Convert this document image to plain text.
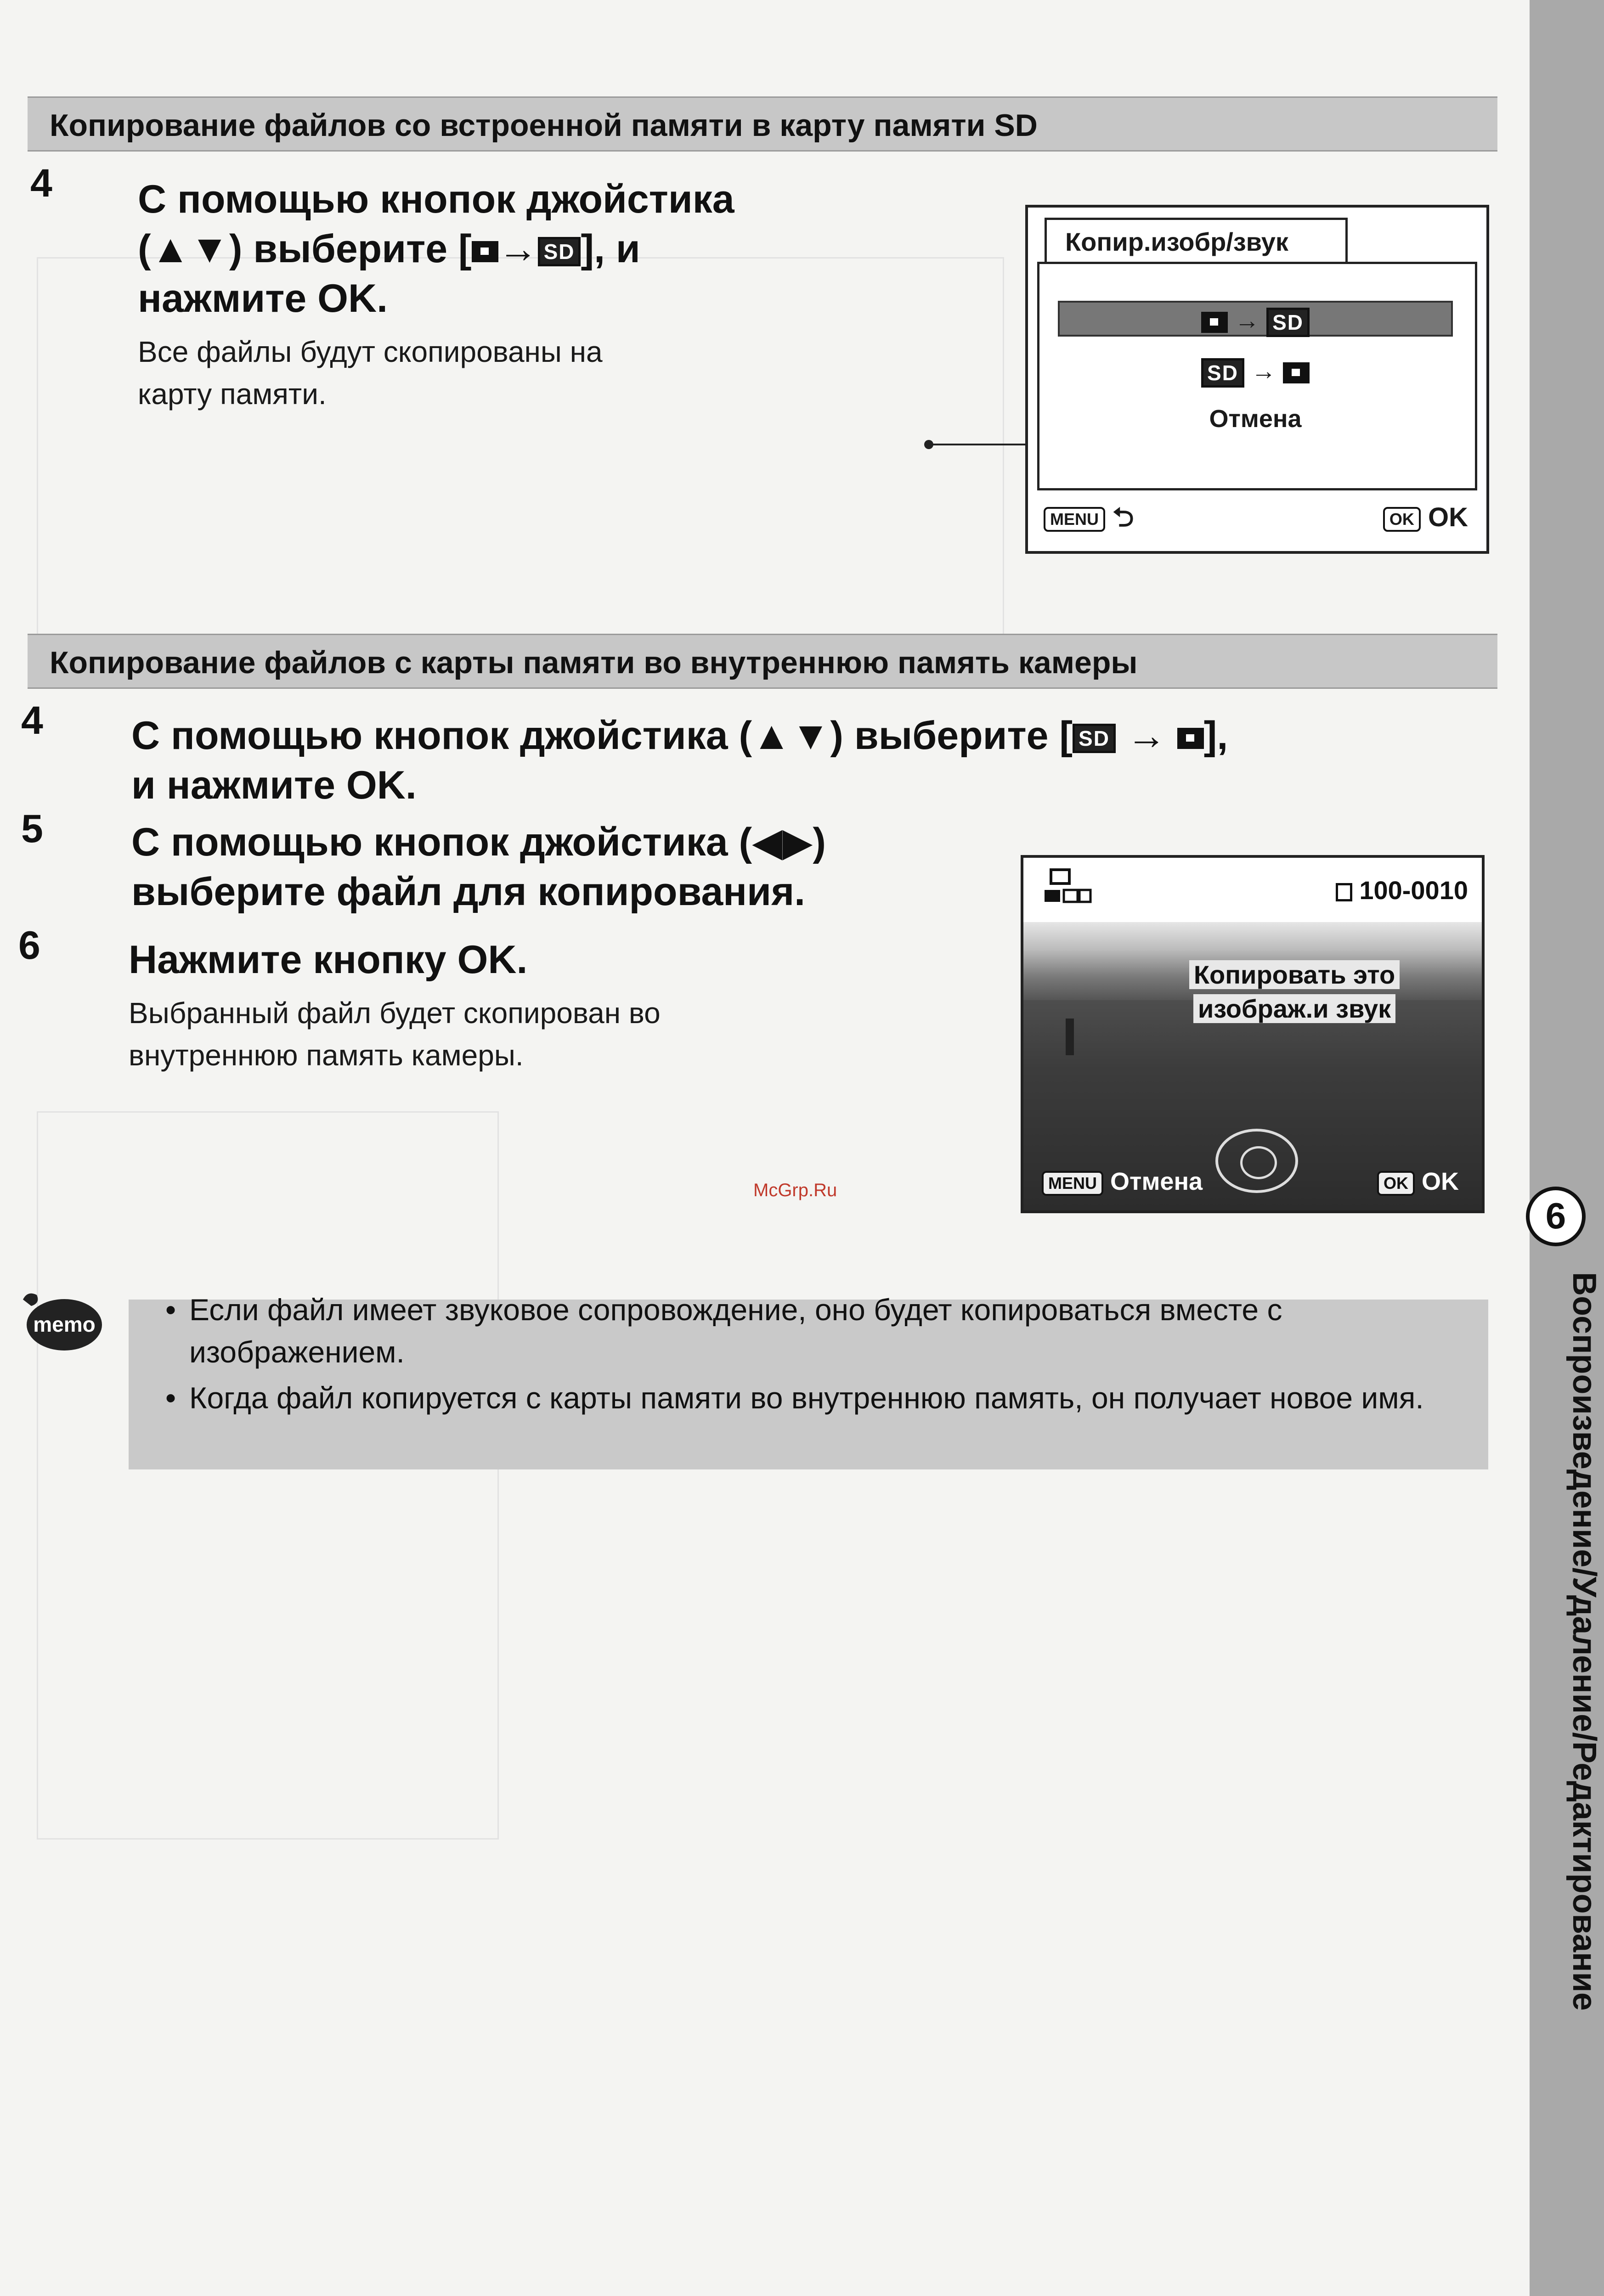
Копирование файлов со встроенной памяти в карту памяти SD
4 С помощью кнопок джойстика
(▲▼) выберите [ → SD ], и
нажмите OK.
Все файлы будут скопированы на
карту памяти.
Копир.изобр/звук
→ SD
SD →
Отмена
MENU ⮌	OK OK
Копирование файлов с карты памяти во внутреннюю память камеры
4 С помощью кнопок джойстика (▲▼) выберите [ SD → ],
и нажмите OK.
5 С помощью кнопок джойстика (◀▶)
выберите файл для копирования.
6 Нажмите кнопку OK.
Выбранный файл будет скопирован во
внутреннюю память камеры.
100-0010
Копировать это
изображ.и звук
MENU Отмена	OK OK
McGrp.Ru
memo
•	Если файл имеет звуковое сопровождение, оно будет копироваться вместе с изображением.
• Когда файл копируется с карты памяти во внутреннюю память, он получает новое имя.
6
Воспроизведение/Удаление/Редактирование
